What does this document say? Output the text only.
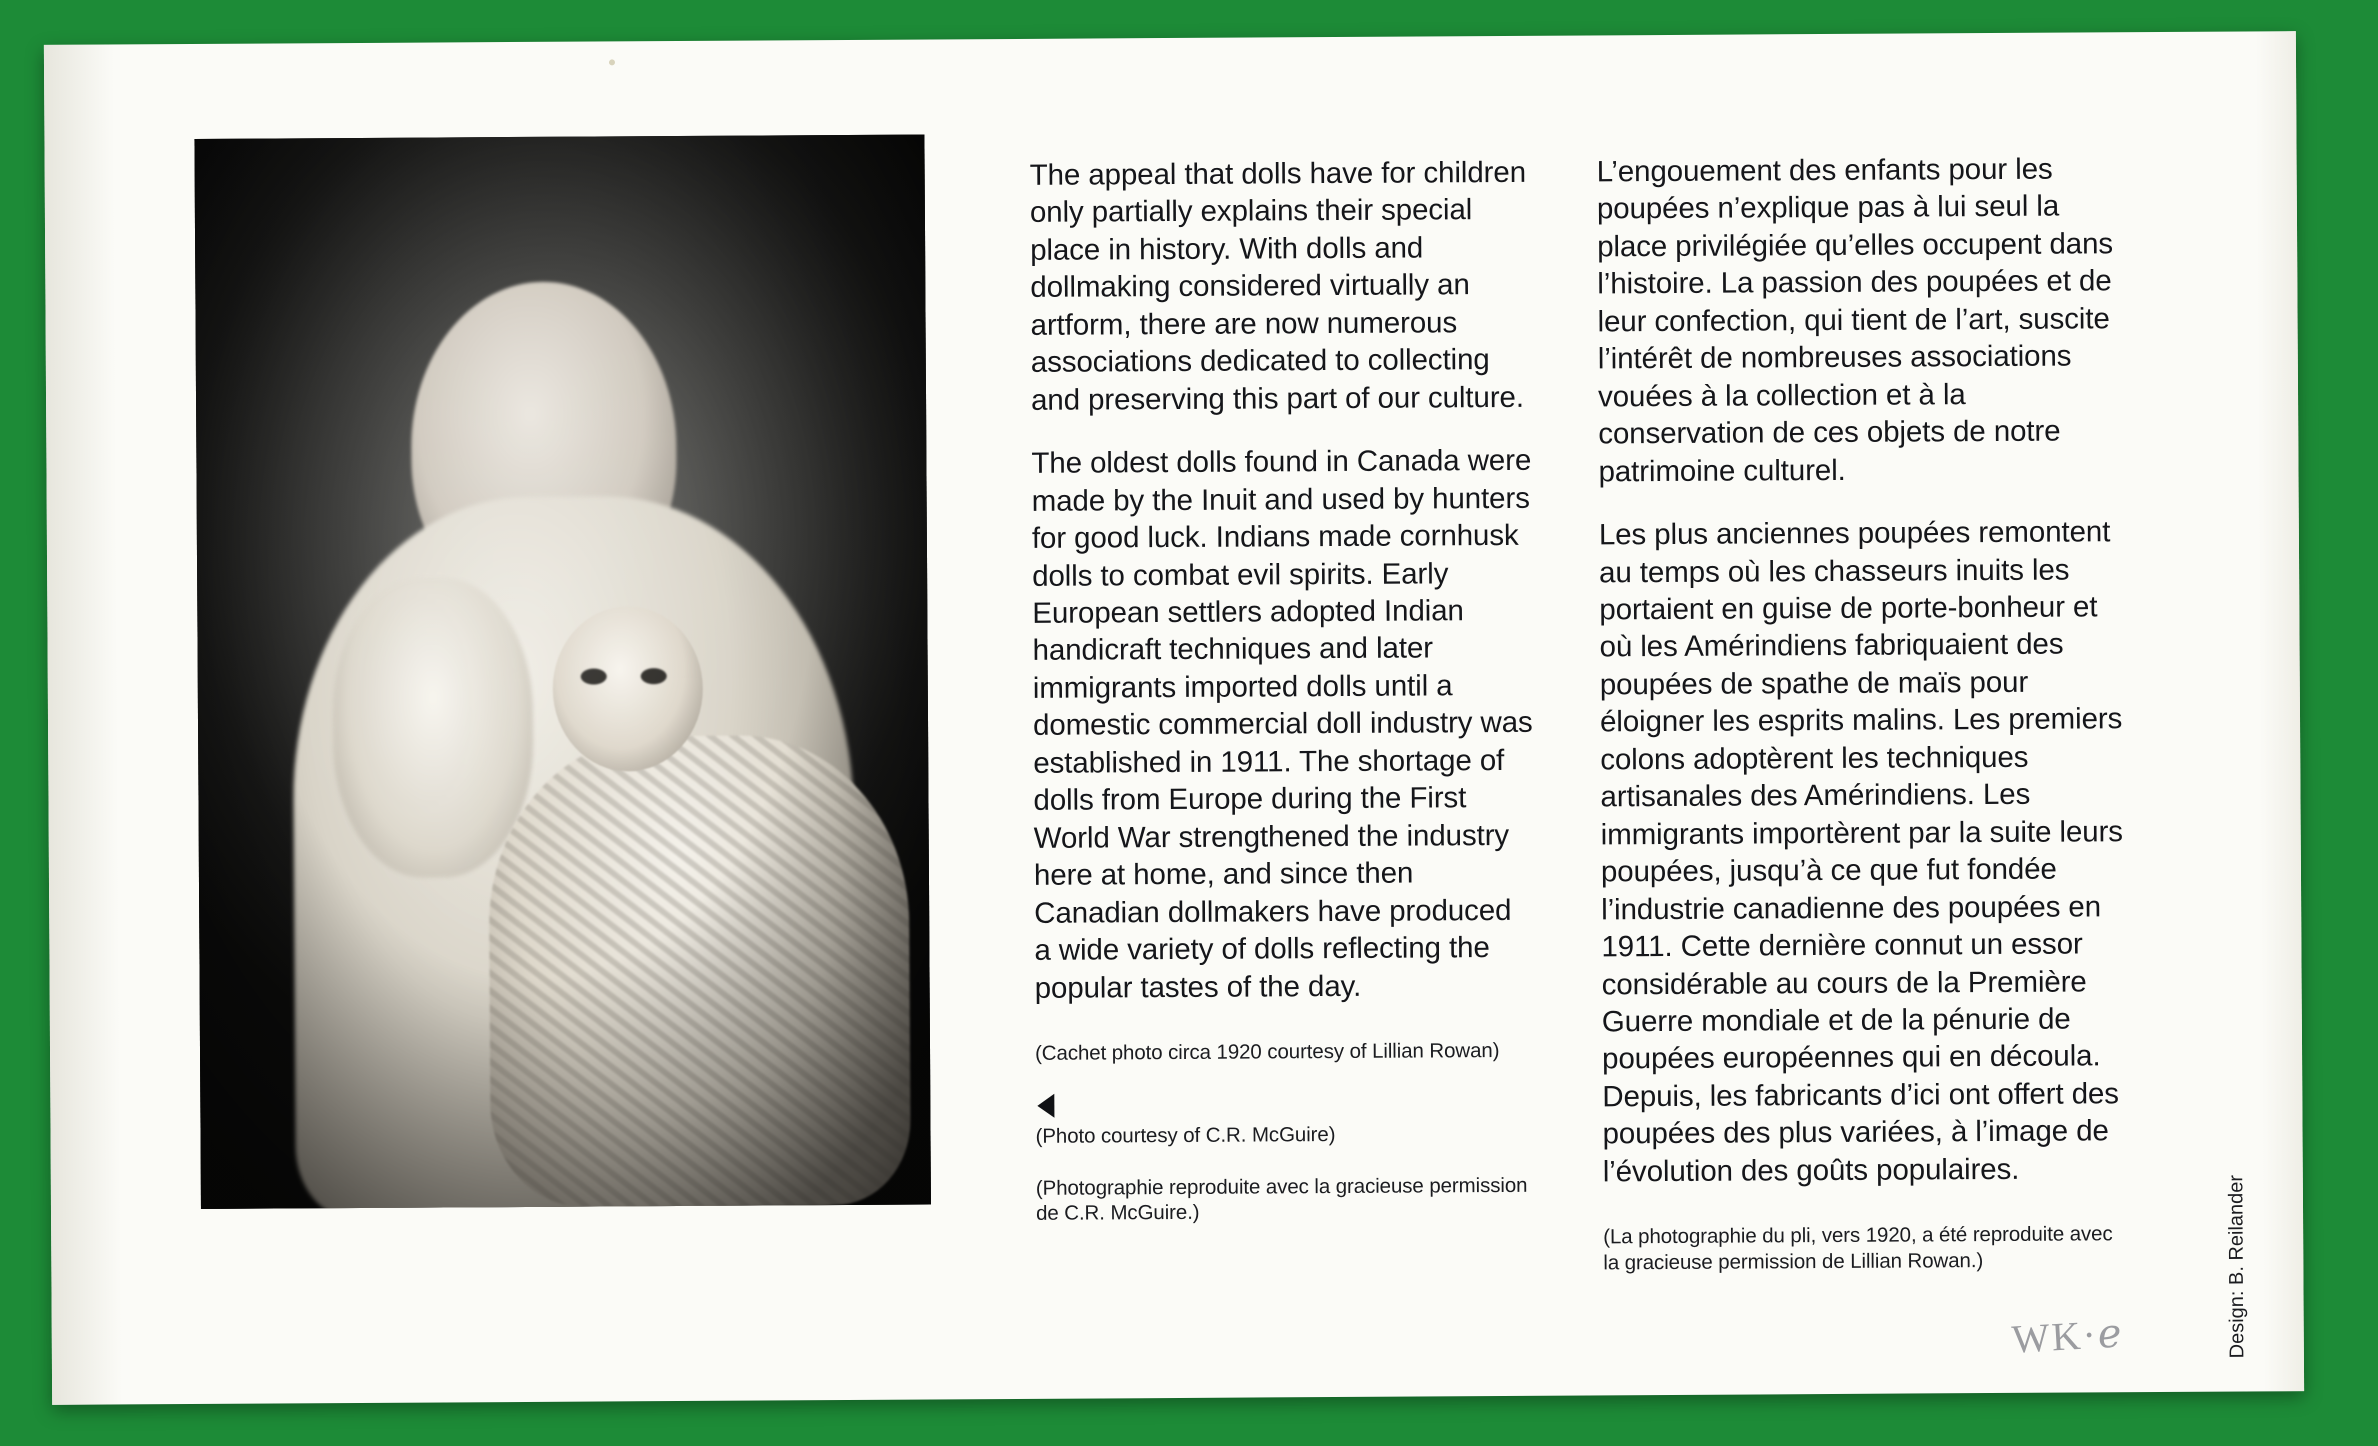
The appeal that dolls have for children only partially explains their special place in history. With dolls and dollmaking considered virtually an artform, there are now numerous associations dedicated to collecting and preserving this part of our culture.

The oldest dolls found in Canada were made by the Inuit and used by hunters for good luck. Indians made cornhusk dolls to combat evil spirits. Early European settlers adopted Indian handicraft techniques and later immigrants imported dolls until a domestic commercial doll industry was established in 1911. The shortage of dolls from Europe during the First World War strengthened the industry here at home, and since then Canadian dollmakers have produced a wide variety of dolls reflecting the popular tastes of the day.

(Cachet photo circa 1920 courtesy of Lillian Rowan)

(Photo courtesy of C.R. McGuire)

(Photographie reproduite avec la gracieuse permission de C.R. McGuire.)

L’engouement des enfants pour les poupées n’explique pas à lui seul la place privilégiée qu’elles occupent dans l’histoire. La passion des poupées et de leur confection, qui tient de l’art, suscite l’intérêt de nombreuses associations vouées à la collection et à la conservation de ces objets de notre patrimoine culturel.

Les plus anciennes poupées remontent au temps où les chasseurs inuits les portaient en guise de porte-bonheur et où les Amérindiens fabriquaient des poupées de spathe de maïs pour éloigner les esprits malins. Les premiers colons adoptèrent les techniques artisanales des Amérindiens. Les immigrants importèrent par la suite leurs poupées, jusqu’à ce que fut fondée l’industrie canadienne des poupées en 1911. Cette dernière connut un essor considérable au cours de la Première Guerre mondiale et de la pénurie de poupées européennes qui en découla. Depuis, les fabricants d’ici ont offert des poupées des plus variées, à l’image de l’évolution des goûts populaires.

(La photographie du pli, vers 1920, a été reproduite avec la gracieuse permission de Lillian Rowan.)	Design: B. Reilander
WK·ℯ
